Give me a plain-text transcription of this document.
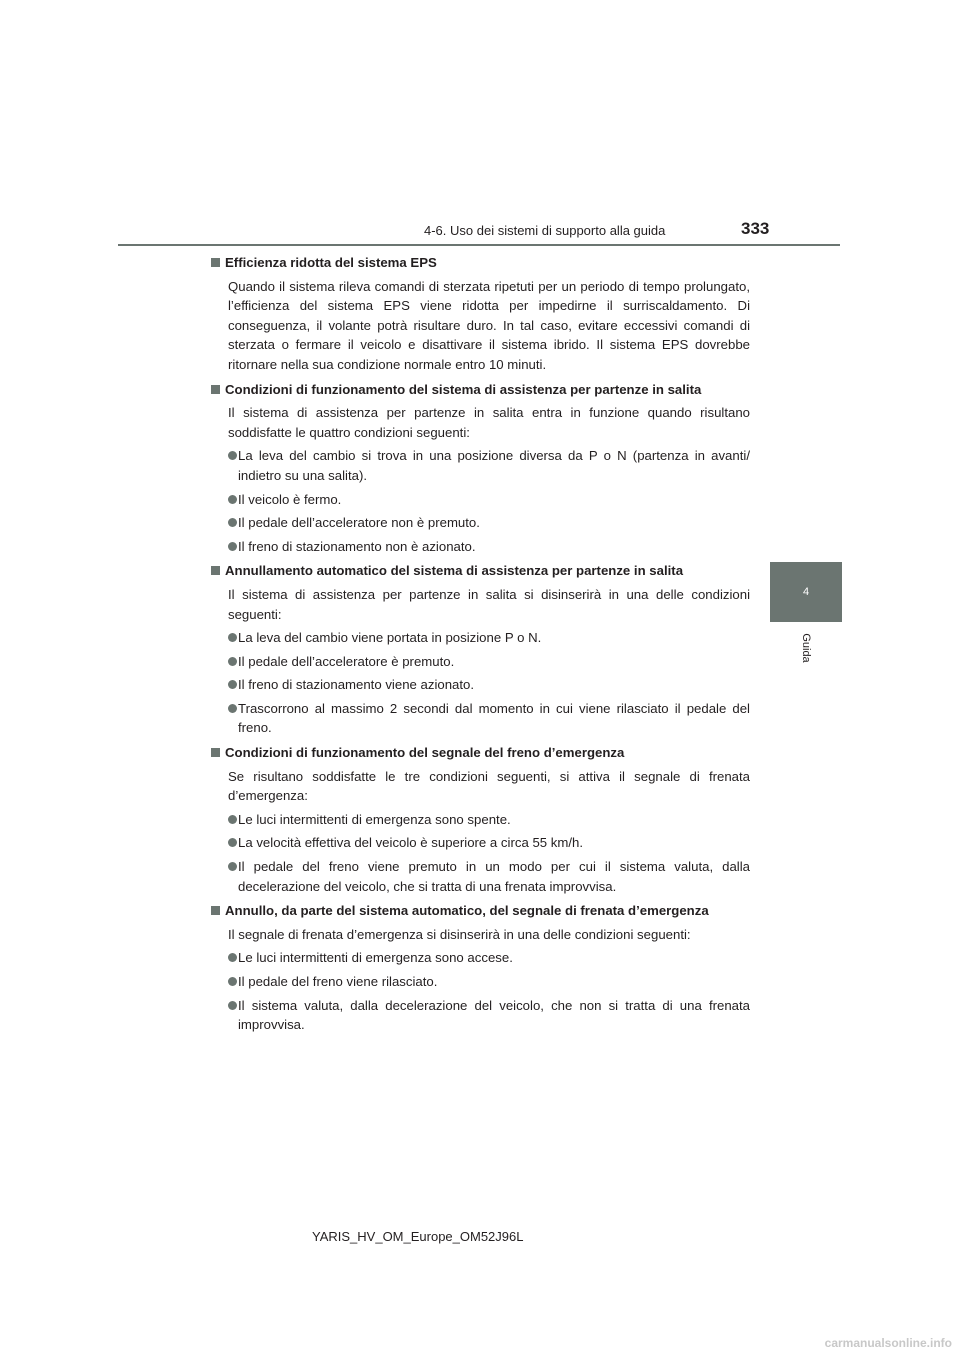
4-6. Uso dei sistemi di supporto alla guida	333
4
Guida
Efficienza ridotta del sistema EPS
Quando il sistema rileva comandi di sterzata ripetuti per un periodo di tempo prolungato, l’efficienza del sistema EPS viene ridotta per impedirne il surriscaldamento. Di conseguenza, il volante potrà risultare duro. In tal caso, evitare eccessivi comandi di sterzata o fermare il veicolo e disattivare il sistema ibrido. Il sistema EPS dovrebbe ritornare nella sua condizione normale entro 10 minuti.
Condizioni di funzionamento del sistema di assistenza per partenze in salita
Il sistema di assistenza per partenze in salita entra in funzione quando risultano soddisfatte le quattro condizioni seguenti:
La leva del cambio si trova in una posizione diversa da P o N (partenza in avanti/ indietro su una salita).
Il veicolo è fermo.
Il pedale dell’acceleratore non è premuto.
Il freno di stazionamento non è azionato.
Annullamento automatico del sistema di assistenza per partenze in salita
Il sistema di assistenza per partenze in salita si disinserirà in una delle condizioni seguenti:
La leva del cambio viene portata in posizione P o N.
Il pedale dell’acceleratore è premuto.
Il freno di stazionamento viene azionato.
Trascorrono al massimo 2 secondi dal momento in cui viene rilasciato il pedale del freno.
Condizioni di funzionamento del segnale del freno d’emergenza
Se risultano soddisfatte le tre condizioni seguenti, si attiva il segnale di frenata d’emergenza:
Le luci intermittenti di emergenza sono spente.
La velocità effettiva del veicolo è superiore a circa 55 km/h.
Il pedale del freno viene premuto in un modo per cui il sistema valuta, dalla decelerazione del veicolo, che si tratta di una frenata improvvisa.
Annullo, da parte del sistema automatico, del segnale di frenata d’emergenza
Il segnale di frenata d’emergenza si disinserirà in una delle condizioni seguenti:
Le luci intermittenti di emergenza sono accese.
Il pedale del freno viene rilasciato.
Il sistema valuta, dalla decelerazione del veicolo, che non si tratta di una frenata improvvisa.
YARIS_HV_OM_Europe_OM52J96L
carmanualsonline.info
